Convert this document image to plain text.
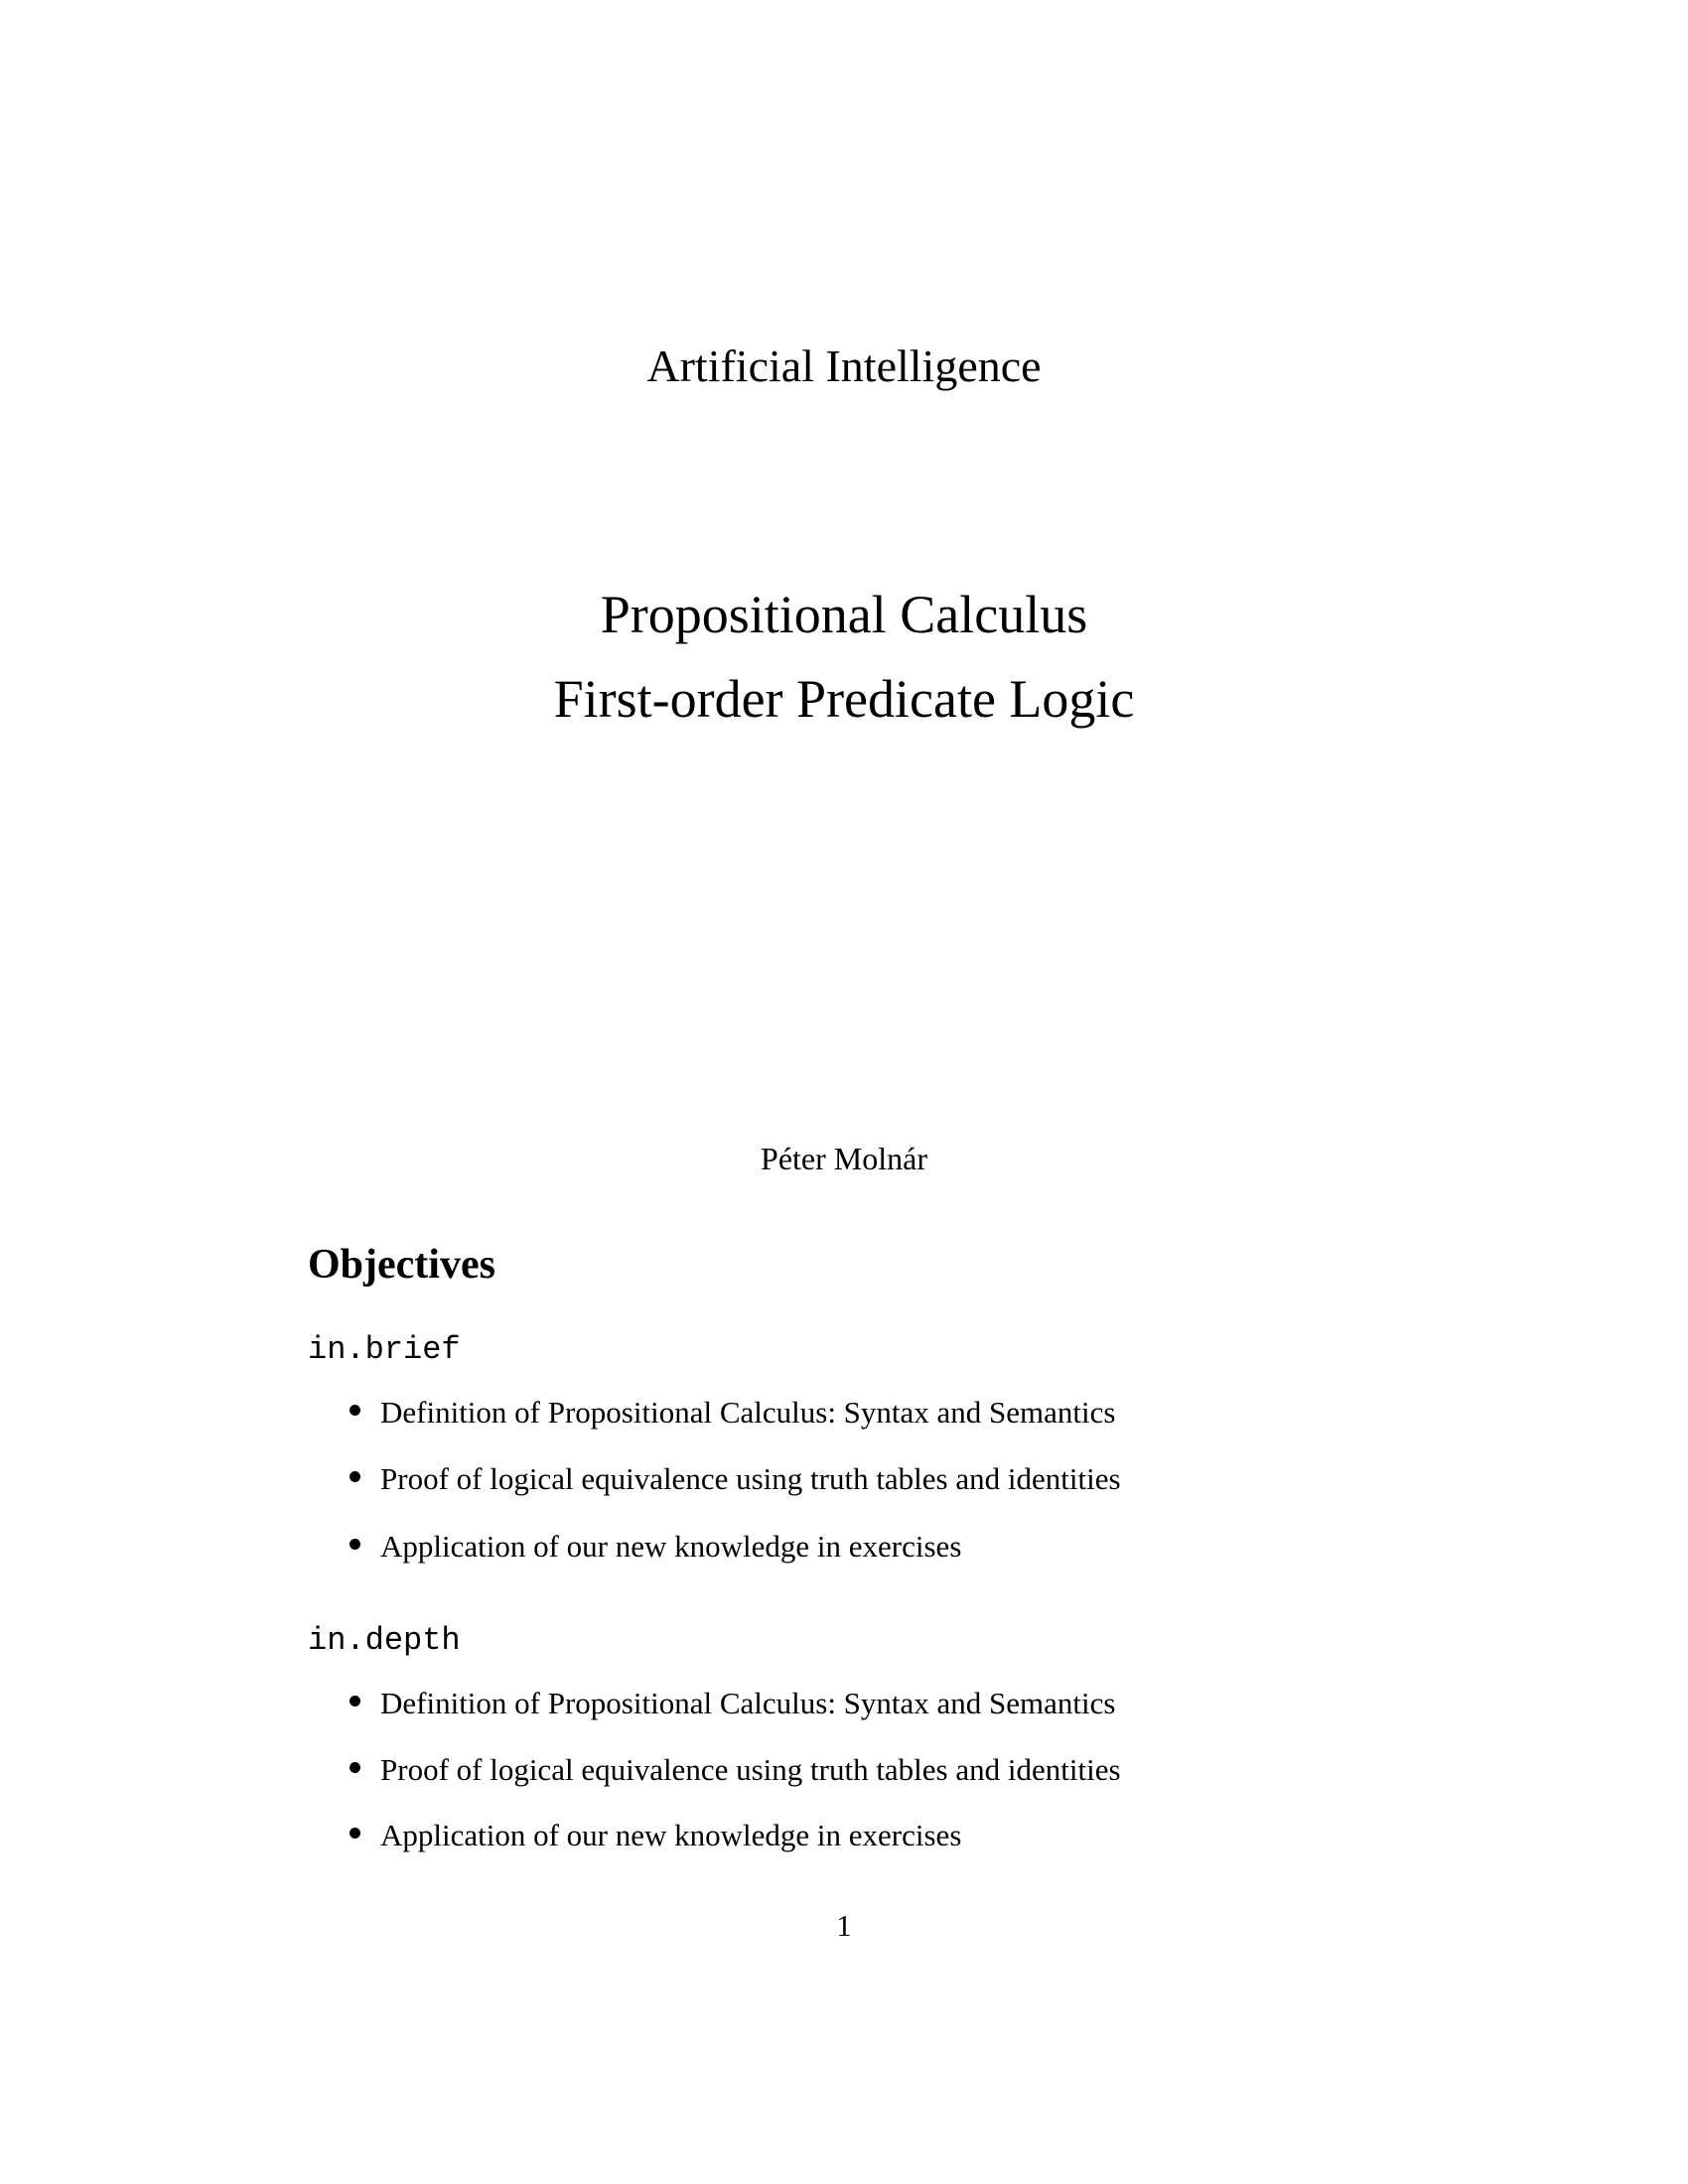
Artificial Intelligence
Propositional Calculus
First-order Predicate Logic
Péter Molnár
Objectives
in.brief
Definition of Propositional Calculus: Syntax and Semantics
Proof of logical equivalence using truth tables and identities
Application of our new knowledge in exercises
in.depth
Definition of Propositional Calculus: Syntax and Semantics
Proof of logical equivalence using truth tables and identities
Application of our new knowledge in exercises
1
